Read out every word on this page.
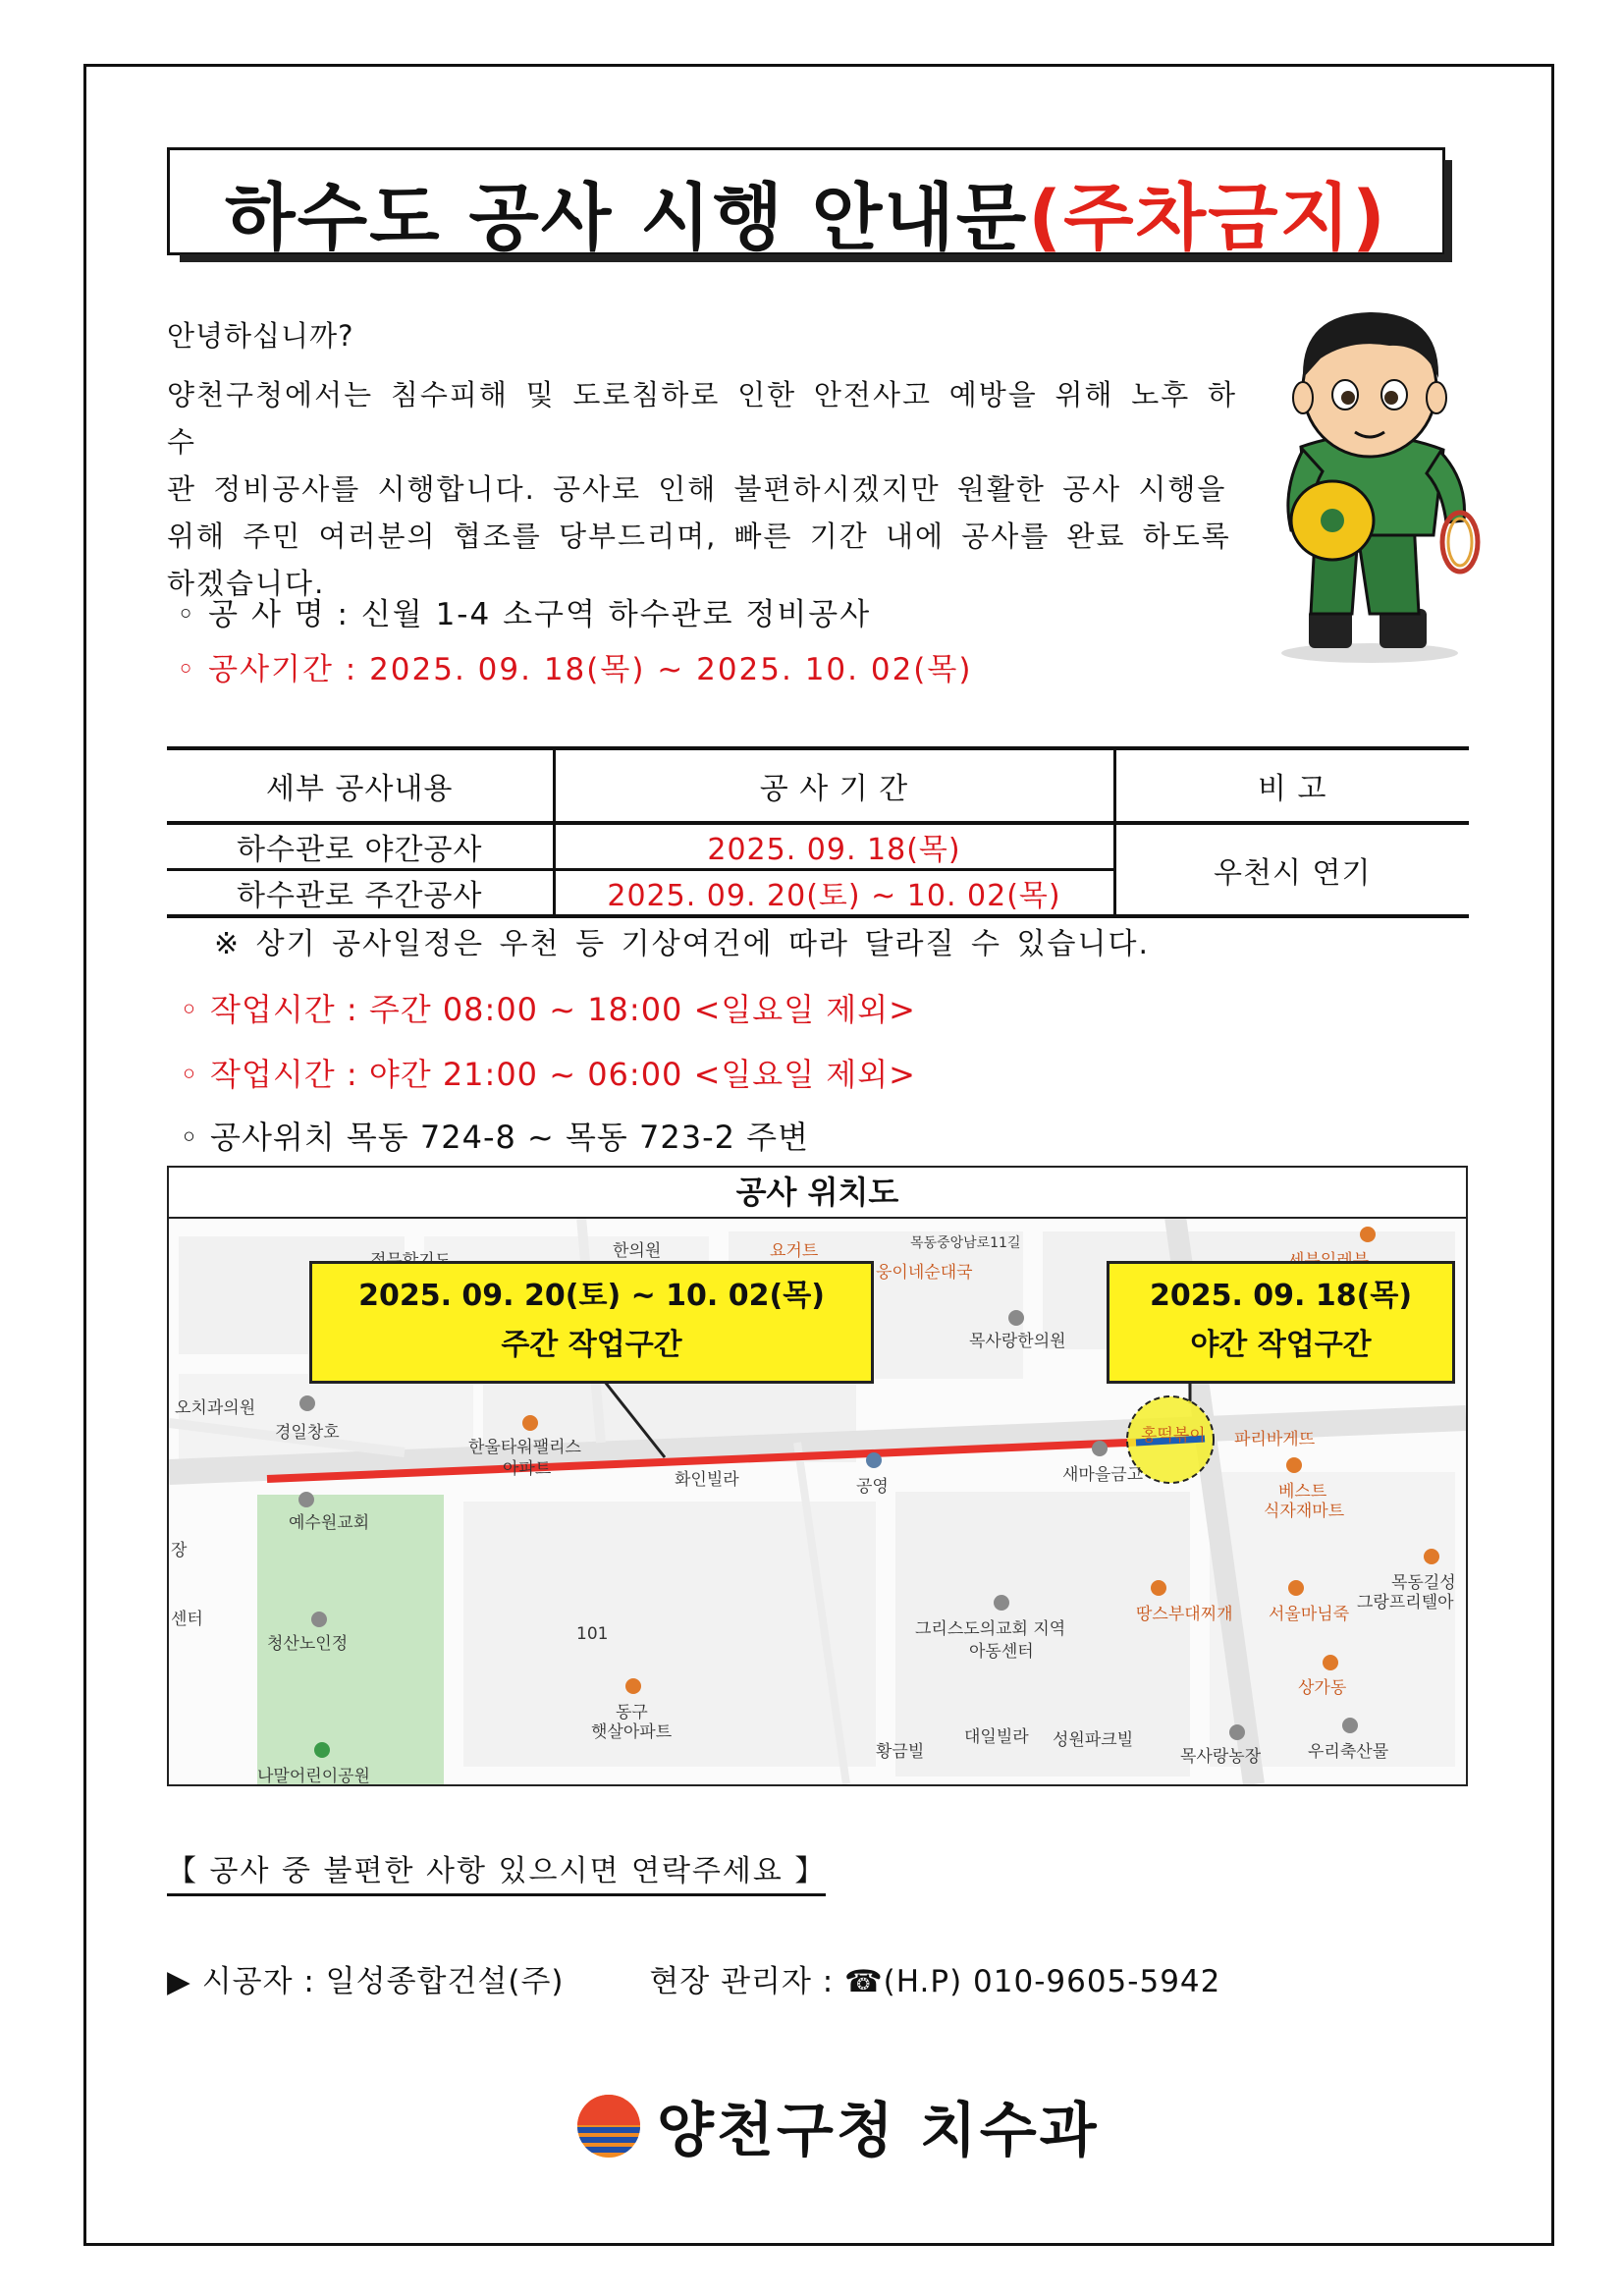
하수도 공사 시행 안내문(주차금지)
안녕하십니까?
양천구청에서는 침수피해 및 도로침하로 인한 안전사고 예방을 위해 노후 하수
관 정비공사를 시행합니다. 공사로 인해 불편하시겠지만 원활한 공사 시행을
위해 주민 여러분의 협조를 당부드리며, 빠른 기간 내에 공사를 완료 하도록
하겠습니다.
◦ 공 사 명 : 신월 1-4 소구역 하수관로 정비공사
◦ 공사기간 : 2025. 09. 18(목) ~ 2025. 10. 02(목)
세부 공사내용	공 사 기 간	비 고
하수관로 야간공사	2025. 09. 18(목)	우천시 연기
하수관로 주간공사	2025. 09. 20(토) ~ 10. 02(목)	
※ 상기 공사일정은 우천 등 기상여건에 따라 달라질 수 있습니다.
◦ 작업시간 : 주간 08:00 ~ 18:00 <일요일 제외>
◦ 작업시간 : 야간 21:00 ~ 06:00 <일요일 제외>
◦ 공사위치 목동 724-8 ~ 목동 723-2 주변
공사 위치도
한의원	요거트	목동중앙남로11길
웅이네순대국
목사랑한의원
오치과의원
경일창호
한울타워팰리스
아파트
화인빌라	공영
새마을금고
홍떡볶이 파리바게뜨
베스트
식자재마트
예수원교회
청산노인정	101	그리스도의교회 지역
아동센터
땅스부대찌개 서울마님죽
목동길성
그랑프리텔아
상가동
동구
햇살아파트
황금빌
대일빌라 성원파크빌
목사랑농장	우리축산물
나말어린이공원
센터
장
2025. 09. 20(토) ~ 10. 02(목)
주간 작업구간
2025. 09. 18(목)
야간 작업구간
【 공사 중 불편한 사항 있으시면 연락주세요 】
▶ 시공자 : 일성종합건설(주)        현장 관리자 : ☎(H.P) 010-9605-5942
양천구청 치수과
